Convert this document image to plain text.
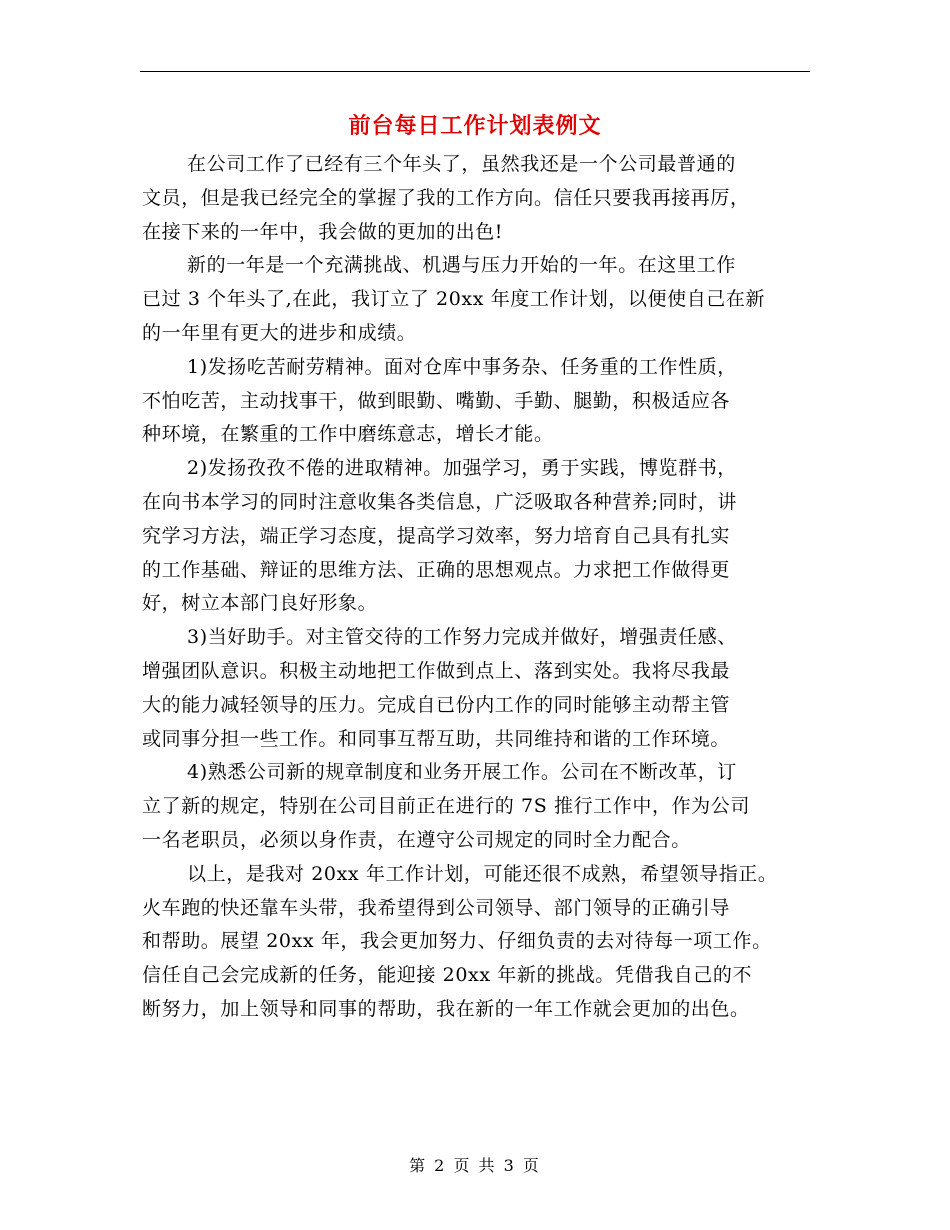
前台每日工作计划表例文
在公司工作了已经有三个年头了，虽然我还是一个公司最普通的
文员，但是我已经完全的掌握了我的工作方向。信任只要我再接再厉，
在接下来的一年中，我会做的更加的出色!
新的一年是一个充满挑战、机遇与压力开始的一年。在这里工作
已过 3 个年头了,在此，我订立了 20xx 年度工作计划，以便使自己在新
的一年里有更大的进步和成绩。
1)发扬吃苦耐劳精神。面对仓库中事务杂、任务重的工作性质，
不怕吃苦，主动找事干，做到眼勤、嘴勤、手勤、腿勤，积极适应各
种环境，在繁重的工作中磨练意志，增长才能。
2)发扬孜孜不倦的进取精神。加强学习，勇于实践，博览群书，
在向书本学习的同时注意收集各类信息，广泛吸取各种营养;同时，讲
究学习方法，端正学习态度，提高学习效率，努力培育自己具有扎实
的工作基础、辩证的思维方法、正确的思想观点。力求把工作做得更
好，树立本部门良好形象。
3)当好助手。对主管交待的工作努力完成并做好，增强责任感、
增强团队意识。积极主动地把工作做到点上、落到实处。我将尽我最
大的能力减轻领导的压力。完成自已份内工作的同时能够主动帮主管
或同事分担一些工作。和同事互帮互助，共同维持和谐的工作环境。
4)熟悉公司新的规章制度和业务开展工作。公司在不断改革，订
立了新的规定，特别在公司目前正在进行的 7S 推行工作中，作为公司
一名老职员，必须以身作责，在遵守公司规定的同时全力配合。
以上，是我对 20xx 年工作计划，可能还很不成熟，希望领导指正。
火车跑的快还靠车头带，我希望得到公司领导、部门领导的正确引导
和帮助。展望 20xx 年，我会更加努力、仔细负责的去对待每一项工作。
信任自己会完成新的任务，能迎接 20xx 年新的挑战。凭借我自己的不
断努力，加上领导和同事的帮助，我在新的一年工作就会更加的出色。
第 2 页 共 3 页
